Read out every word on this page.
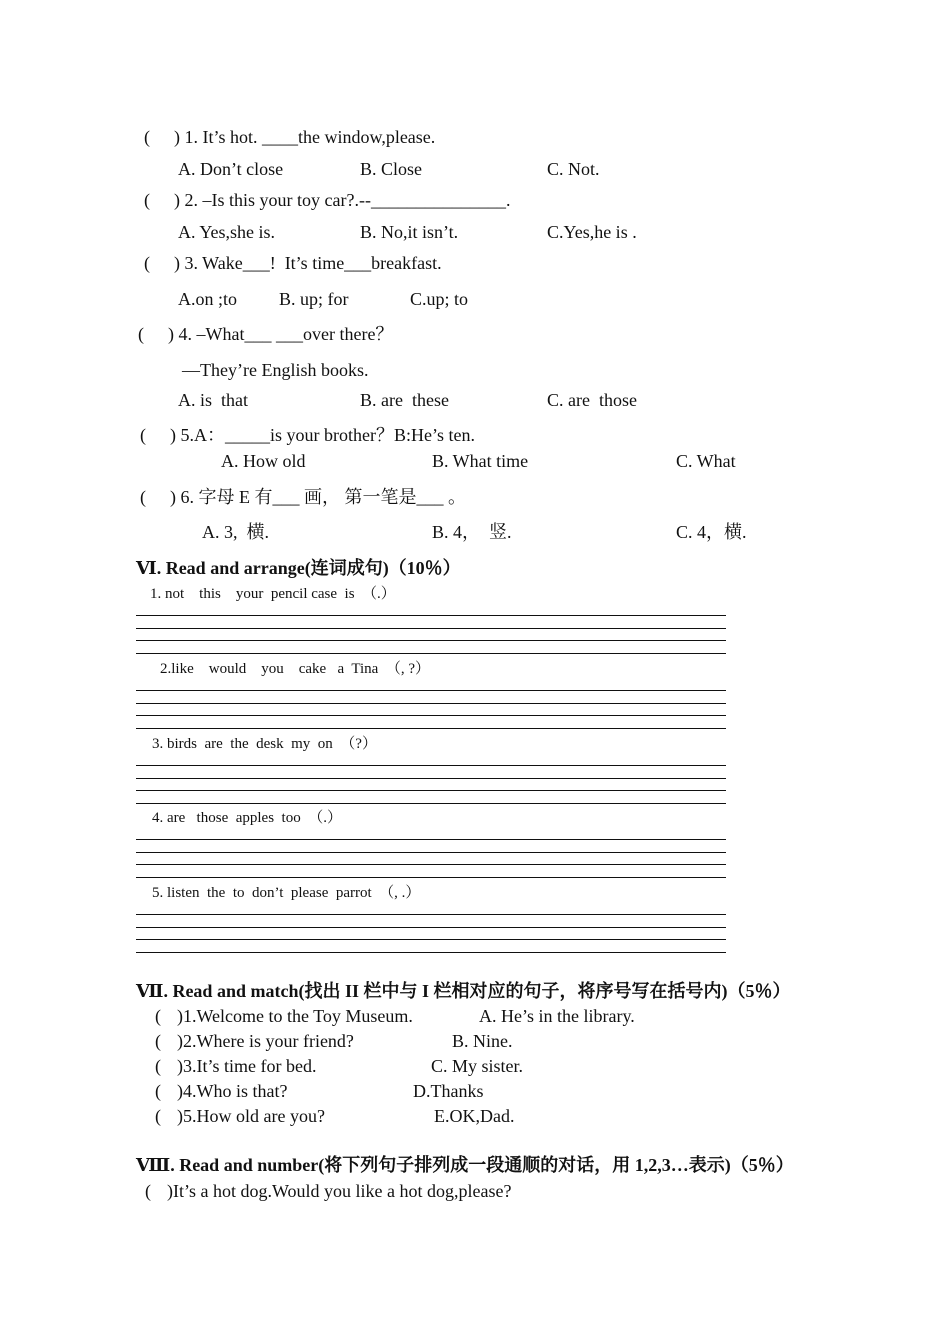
( ) 1. It’s hot. ____the window,please.
A. Don’t close	B. Close	C. Not.
( ) 2. –Is this your toy car?.--_______________.
A. Yes,she is.	B. No,it isn’t.	C.Yes,he is .
( ) 3. Wake___!  It’s time___breakfast.
A.on ;to B. up; for	C.up; to
( ) 4. –What___ ___over there？
—They’re English books.
A. is  that	B. are  these	C. are  those
( ) 5.A：_____is your brother？B:He’s ten.
A. How old	B. What time	C. What
( ) 6. 字母 E 有___ 画， 第一笔是___ 。
A. 3,  横.	B. 4，  竖.	C. 4，横.
Ⅵ. Read and arrange(连词成句)（10％）
1. not    this    your  pencil case  is  （.）
2.like    would    you    cake   a  Tina  （, ?）
3. birds  are  the  desk  my  on  （?）
4. are   those  apples  too  （.）
5. listen  the  to  don’t  please  parrot  （, .）
Ⅶ. Read and match(找出 II 栏中与 I 栏相对应的句子，将序号写在括号内)（5％）
( )1.Welcome to the Toy Museum.	A. He’s in the library.
( )2.Where is your friend?	B. Nine.
( )3.It’s time for bed.	C. My sister.
( )4.Who is that?	D.Thanks
( )5.How old are you?	E.OK,Dad.
Ⅷ. Read and number(将下列句子排列成一段通顺的对话，用 1,2,3…表示)（5％）
( )It’s a hot dog.Would you like a hot dog,please?
